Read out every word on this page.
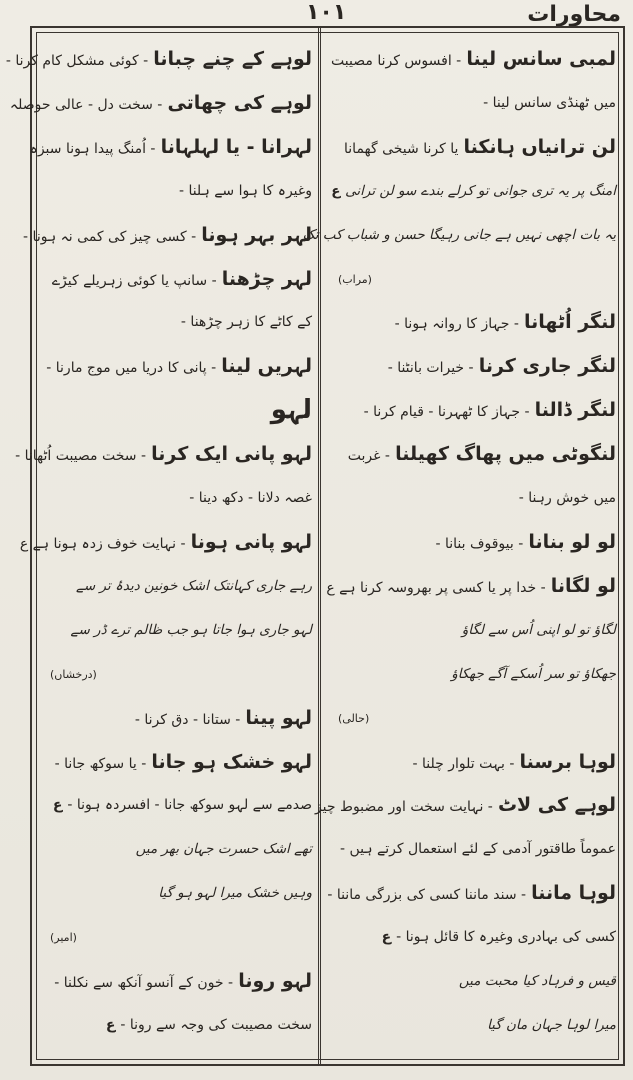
محاورات
۱۰۱
لمبی سانس لینا - افسوس کرنا مصیبت
میں ٹھنڈی سانس لینا -
لن ترانیاں ہانکنا یا کرنا شیخی گھمانا
امنگ پر یہ تری جوانی تو کرلے بندے سو لن ترانی ع
یہ بات اچھی نہیں ہے جانی رہیگا حسن و شباب کب تک
(مراب)
لنگر اُٹھانا - جہاز کا روانہ ہونا -
لنگر جاری کرنا - خیرات بانٹنا -
لنگر ڈالنا - جہاز کا ٹھہرنا - قیام کرنا -
لنگوٹی میں پھاگ کھیلنا - غربت
میں خوش رہنا -
لو لو بنانا - بیوقوف بنانا -
لو لگانا - خدا پر یا کسی پر بھروسہ کرنا ہے ع
لگاؤ تو لو اپنی اُس سے لگاؤ
جھکاؤ تو سر اُسکے آگے جھکاؤ
(حالی)
لوہا برسنا - بہت تلوار چلنا -
لوہے کی لاٹ - نہایت سخت اور مضبوط چیز
عموماً طاقتور آدمی کے لئے استعمال کرتے ہیں -
لوہا ماننا - سند ماننا کسی کی بزرگی ماننا -
کسی کی بہادری وغیرہ کا قائل ہونا - ع
قیس و فرہاد کیا محبت میں
میرا لوہا جہان مان گیا
لوہے کے چنے چبانا - کوئی مشکل کام کرنا -
لوہے کی چھاتی - سخت دل - عالی حوصلہ
لہرانا - یا لہلہانا - اُمنگ پیدا ہونا سبزہ
وغیرہ کا ہوا سے ہلنا -
لہر بہر ہونا - کسی چیز کی کمی نہ ہونا -
لہر چڑھنا - سانپ یا کوئی زہریلے کیڑے
کے کاٹے کا زہر چڑھنا -
لہریں لینا - پانی کا دریا میں موج مارنا -
لہو
لہو پانی ایک کرنا - سخت مصیبت اُٹھانا -
غصہ دلانا - دکھ دینا -
لہو پانی ہونا - نہایت خوف زدہ ہونا ہے ع
رہے جاری کہانتک اشک خونین دیدۂ تر سے
لہو جاری ہوا جاتا ہو جب ظالم ترے ڈر سے
(درخشاں)
لہو پینا - ستانا - دق کرنا -
لہو خشک ہو جانا - یا سوکھ جانا -
صدمے سے لہو سوکھ جانا - افسردہ ہونا - ع
تھے اشک حسرت جہان بھر میں
وہیں خشک میرا لہو ہو گیا
(امیر)
لہو رونا - خون کے آنسو آنکھ سے نکلنا -
سخت مصیبت کی وجہ سے رونا - ع
